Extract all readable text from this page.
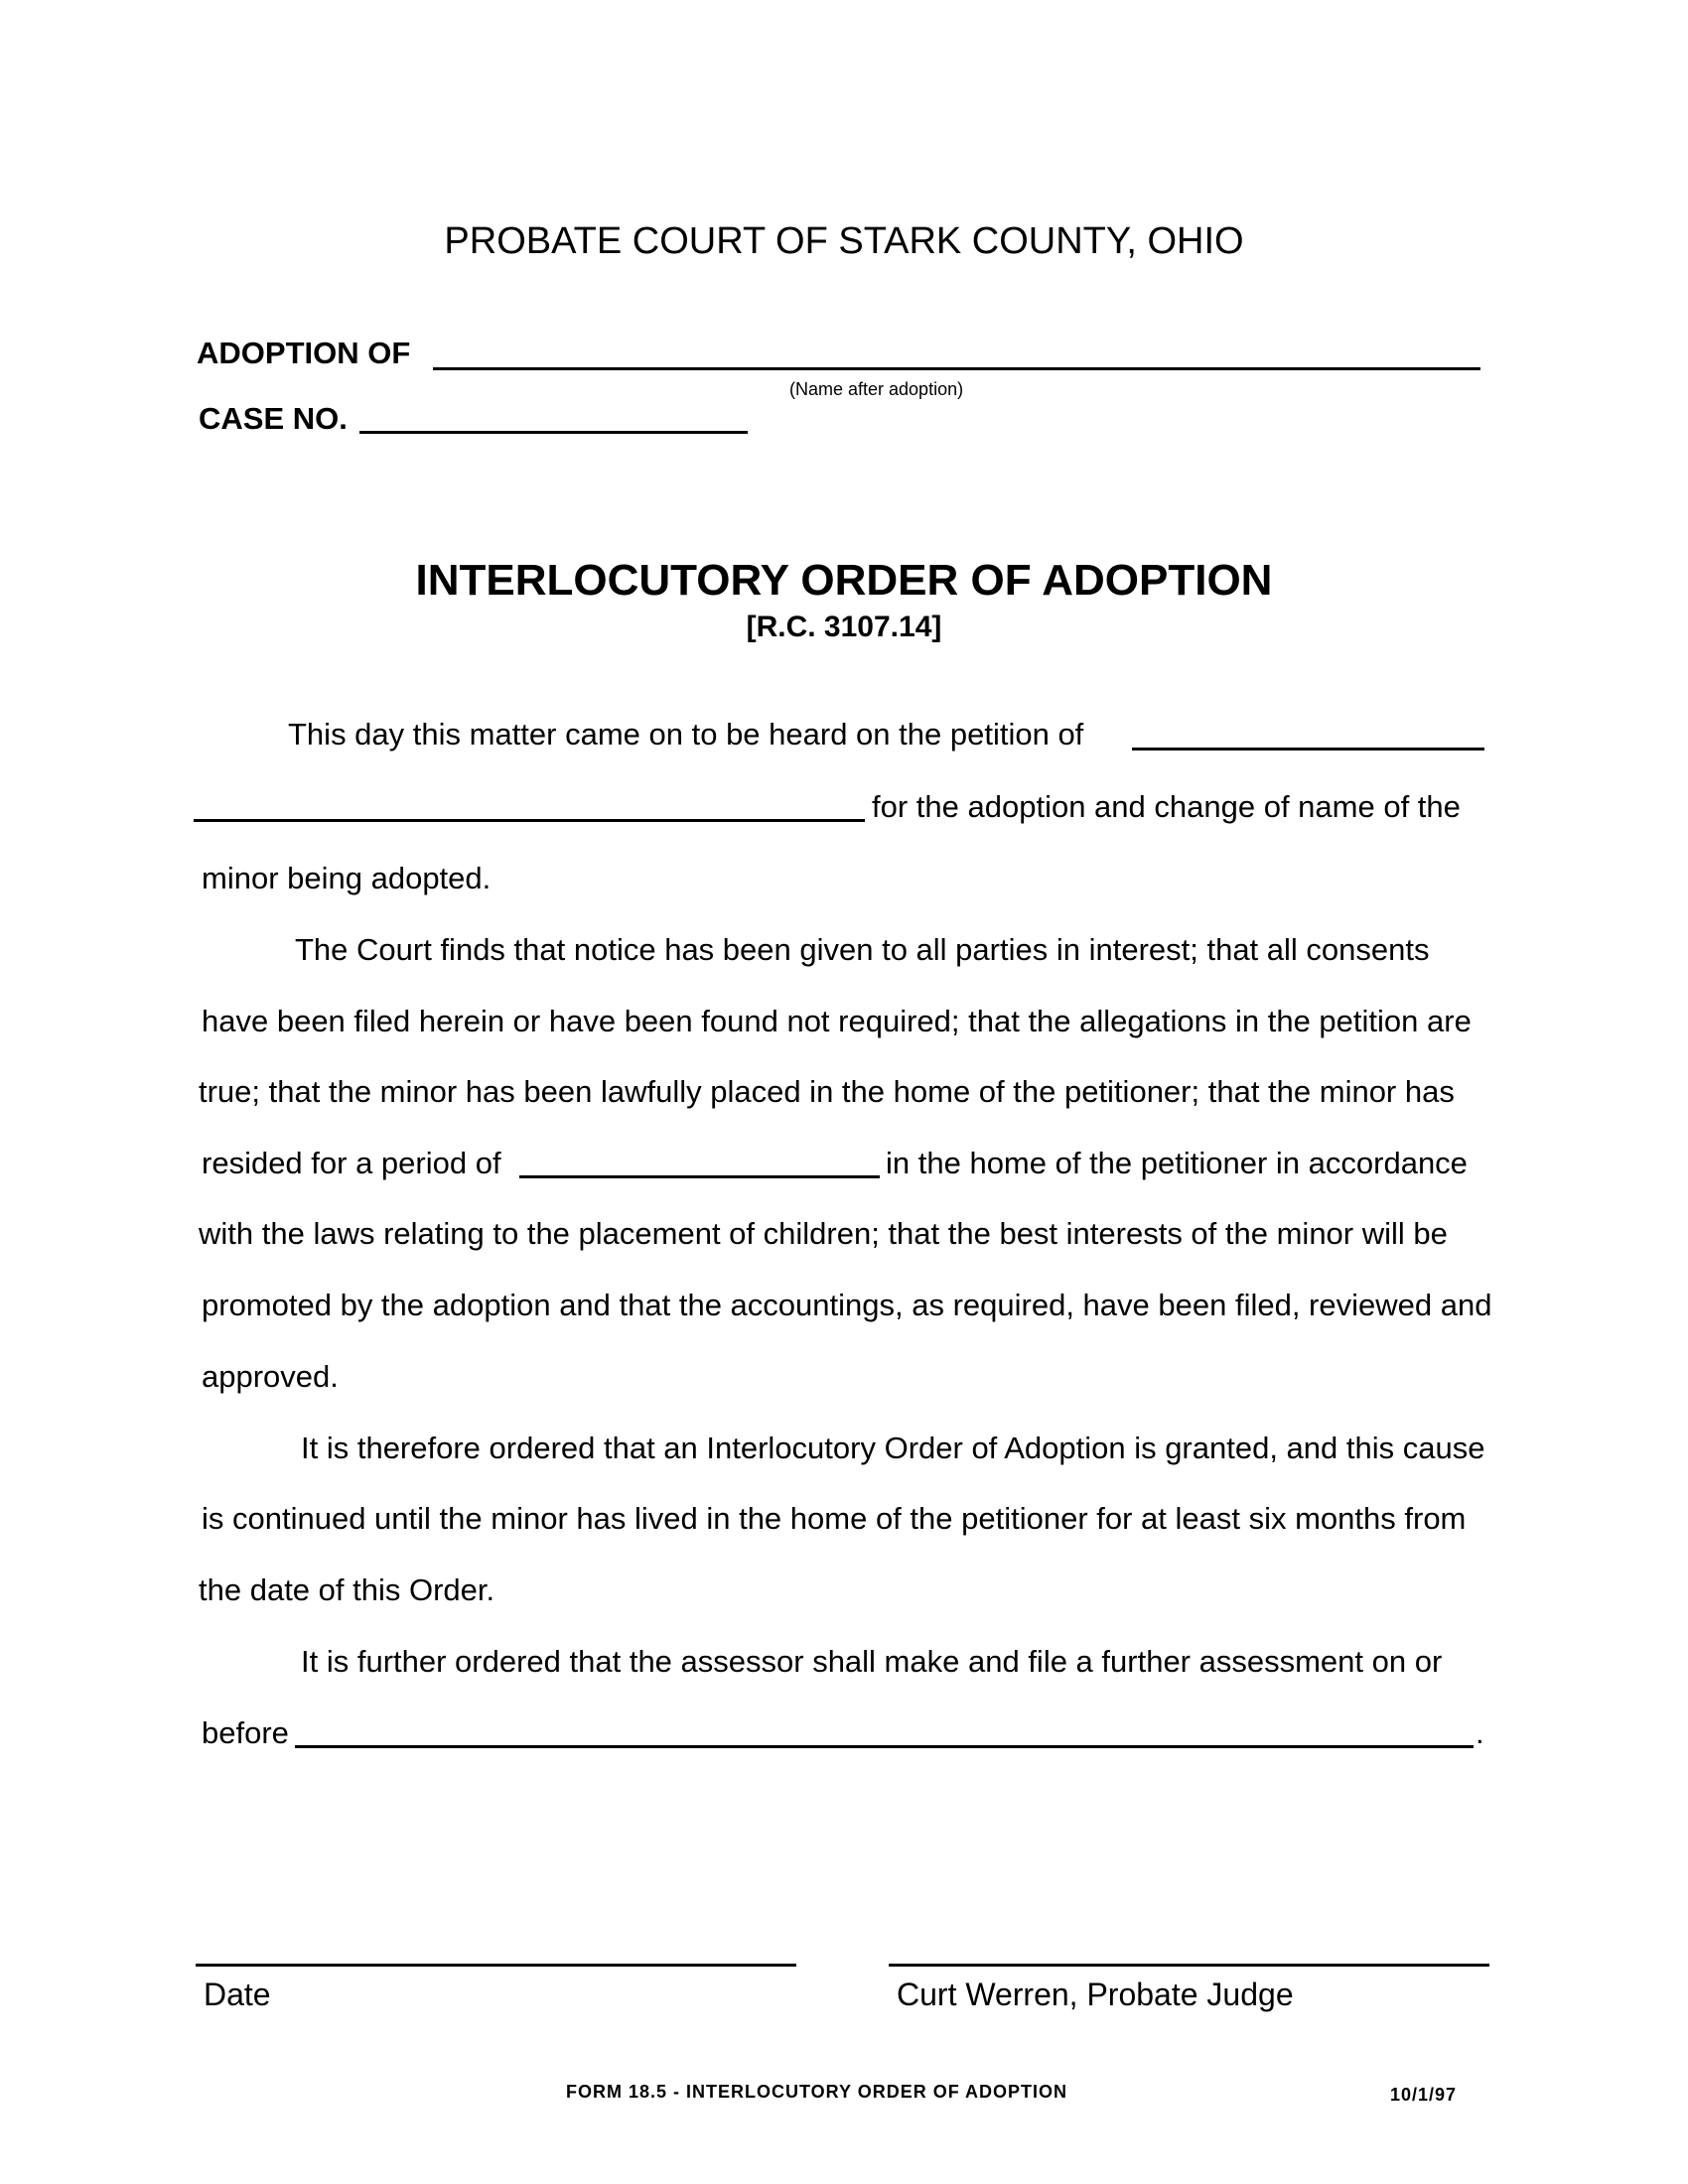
PROBATE COURT OF STARK COUNTY, OHIO
ADOPTION OF
(Name after adoption)
CASE NO.
INTERLOCUTORY ORDER OF ADOPTION
[R.C. 3107.14]
This day this matter came on to be heard on the petition of
for the adoption and change of name of the
minor being adopted.
The Court finds that notice has been given to all parties in interest; that all consents
have been filed herein or have been found not required; that the allegations in the petition are
true; that the minor has been lawfully placed in the home of the petitioner; that the minor has
resided for a period of	in the home of the petitioner in accordance
with the laws relating to the placement of children; that the best interests of the minor will be
promoted by the adoption and that the accountings, as required, have been filed, reviewed and
approved.
It is therefore ordered that an Interlocutory Order of Adoption is granted, and this cause
is continued until the minor has lived in the home of the petitioner for at least six months from
the date of this Order.
It is further ordered that the assessor shall make and file a further assessment on or
before	.
Date	Curt Werren, Probate Judge
FORM 18.5 - INTERLOCUTORY ORDER OF ADOPTION	10/1/97
